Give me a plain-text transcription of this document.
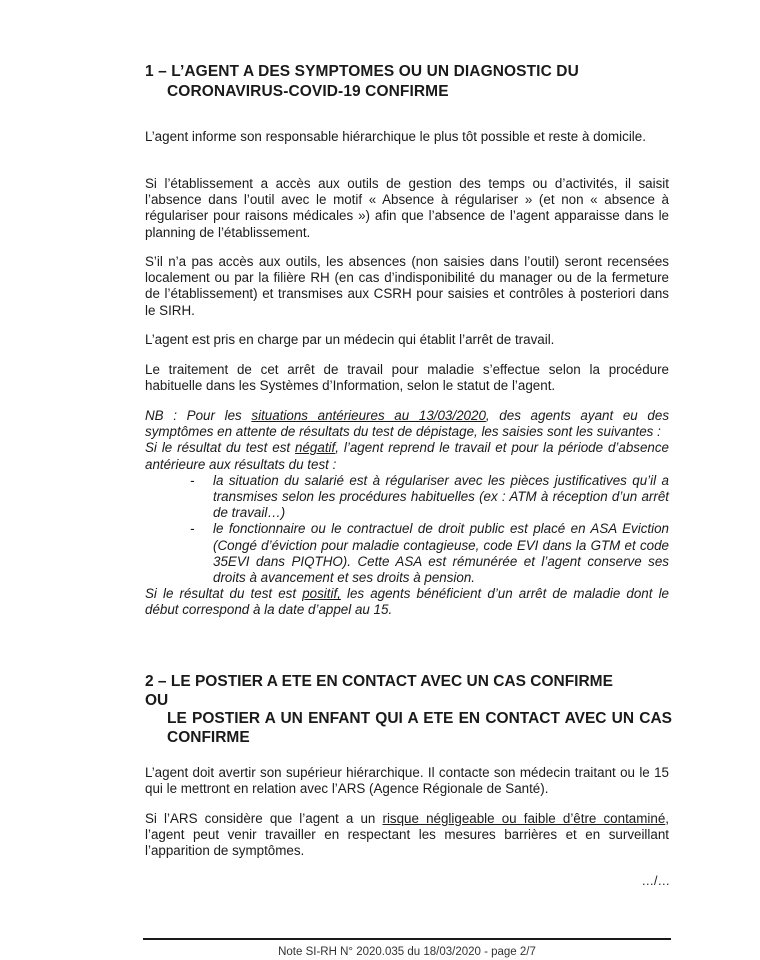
1 – L’AGENT A DES SYMPTOMES OU UN DIAGNOSTIC DU
CORONAVIRUS-COVID-19 CONFIRME
L’agent informe son responsable hiérarchique le plus tôt possible et reste à domicile.
Si l’établissement a accès aux outils de gestion des temps ou d’activités, il saisit l’absence dans l’outil avec le motif « Absence à régulariser » (et non « absence à régulariser pour raisons médicales ») afin que l’absence de l’agent apparaisse dans le planning de l’établissement.
S’il n’a pas accès aux outils, les absences (non saisies dans l’outil) seront recensées localement ou par la filière RH (en cas d’indisponibilité du manager ou de la fermeture de l’établissement) et transmises aux CSRH pour saisies et contrôles à posteriori dans le SIRH.
L’agent est pris en charge par un médecin qui établit l’arrêt de travail.
Le traitement de cet arrêt de travail pour maladie s’effectue selon la procédure habituelle dans les Systèmes d’Information, selon le statut de l’agent.
NB : Pour les situations antérieures au 13/03/2020, des agents ayant eu des symptômes en attente de résultats du test de dépistage, les saisies sont les suivantes :
Si le résultat du test est négatif, l’agent reprend le travail et pour la période d’absence antérieure aux résultats du test :
- la situation du salarié est à régulariser avec les pièces justificatives qu’il a transmises selon les procédures habituelles (ex : ATM à réception d’un arrêt de travail…)
- le fonctionnaire ou le contractuel de droit public est placé en ASA Eviction (Congé d’éviction pour maladie contagieuse, code EVI dans la GTM et code 35EVI dans PIQTHO). Cette ASA est rémunérée et l’agent conserve ses droits à avancement et ses droits à pension.
Si le résultat du test est positif, les agents bénéficient d’un arrêt de maladie dont le début correspond à la date d’appel au 15.
2 – LE POSTIER A ETE EN CONTACT AVEC UN CAS CONFIRME
OU
LE POSTIER A UN ENFANT QUI A ETE EN CONTACT AVEC UN CAS CONFIRME
L’agent doit avertir son supérieur hiérarchique. Il contacte son médecin traitant ou le 15 qui le mettront en relation avec l’ARS (Agence Régionale de Santé).
Si l’ARS considère que l’agent a un risque négligeable ou faible d’être contaminé, l’agent peut venir travailler en respectant les mesures barrières et en surveillant l’apparition de symptômes.
…/…
Note SI-RH N° 2020.035 du 18/03/2020 - page 2/7
